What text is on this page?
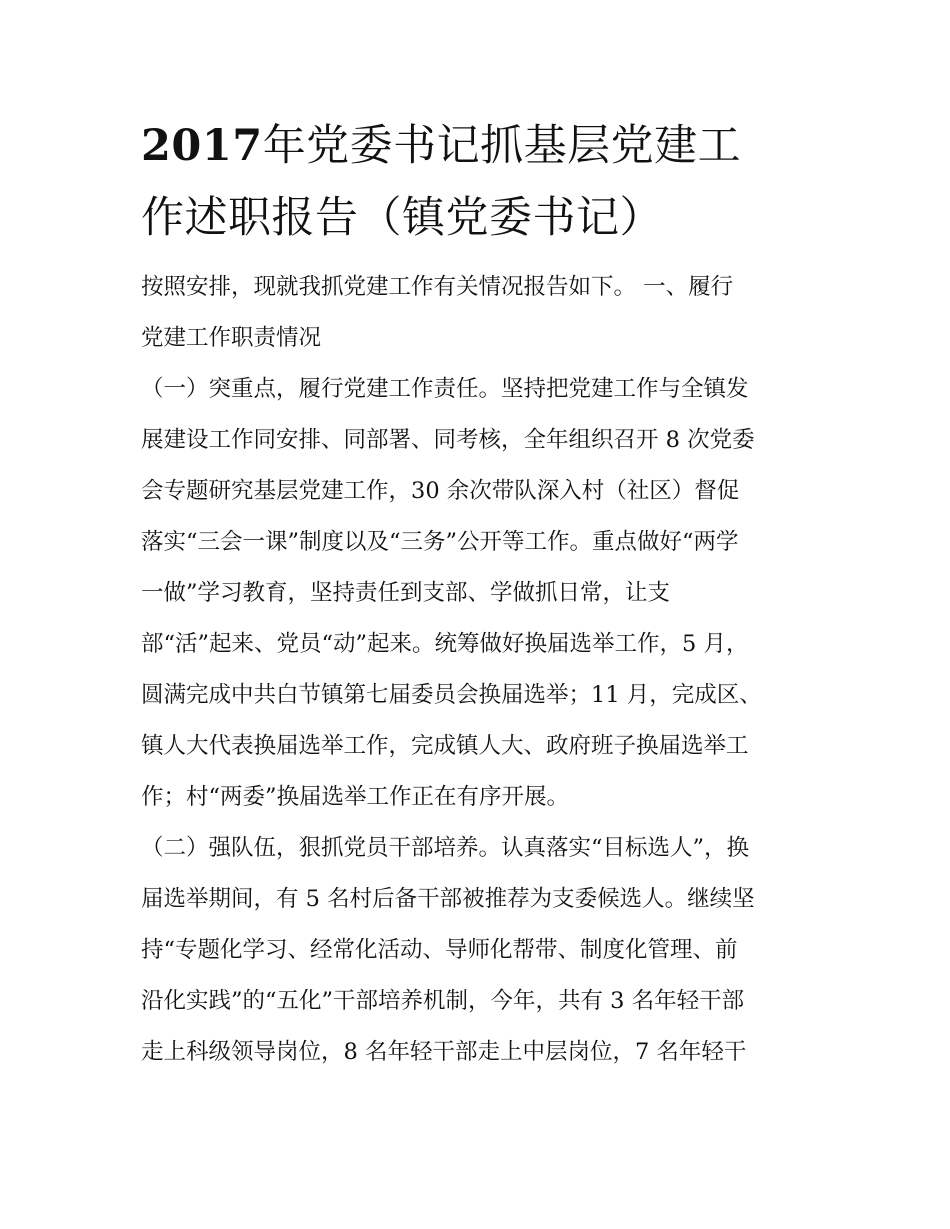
2017年党委书记抓基层党建工
作述职报告（镇党委书记）

按照安排，现就我抓党建工作有关情况报告如下。 一、履行
党建工作职责情况

（一）突重点，履行党建工作责任。坚持把党建工作与全镇发
展建设工作同安排、同部署、同考核，全年组织召开 8 次党委
会专题研究基层党建工作，30 余次带队深入村（社区）督促
落实“三会一课”制度以及“三务”公开等工作。重点做好“两学
一做”学习教育，坚持责任到支部、学做抓日常，让支
部“活”起来、党员“动”起来。统筹做好换届选举工作，5 月，
圆满完成中共白节镇第七届委员会换届选举；11 月，完成区、
镇人大代表换届选举工作，完成镇人大、政府班子换届选举工
作；村“两委”换届选举工作正在有序开展。

（二）强队伍，狠抓党员干部培养。认真落实“目标选人”，换
届选举期间，有 5 名村后备干部被推荐为支委候选人。继续坚
持“专题化学习、经常化活动、导师化帮带、制度化管理、前
沿化实践”的“五化”干部培养机制，今年，共有 3 名年轻干部
走上科级领导岗位，8 名年轻干部走上中层岗位，7 名年轻干
